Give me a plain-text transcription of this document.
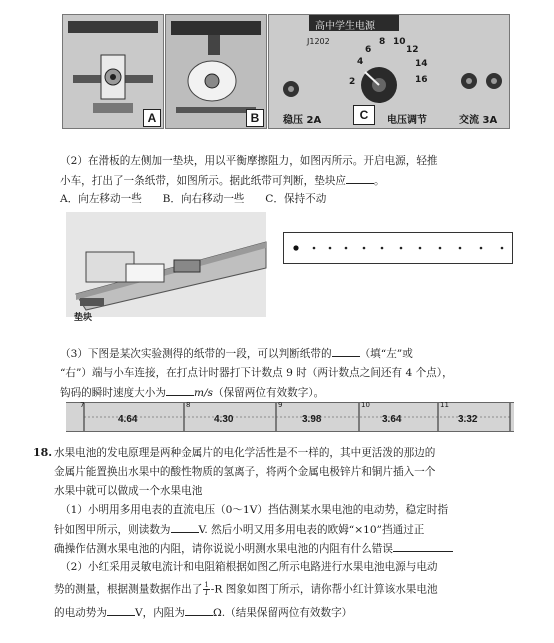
A	B
高中学生电源
J1202
4
6
8 10
12
14
16
2
稳压 2A	电压调节	交流 3A
C
（2）在滑板的左侧加一垫块，用以平衡摩擦阻力，如图丙所示。开启电源，轻推
小车，打出了一条纸带，如图所示。据此纸带可判断，垫块应	。
A．向左移动一些 B．向右移动一些 C．保持不动
垫块
（3）下图是某次实验测得的纸带的一段，可以判断纸带的	（填“左”或
“右”）端与小车连接，在打点计时器打下计数点 9 时（两计数点之间还有 4 个点），
钩码的瞬时速度大小为	m/s（保留两位有效数字）。
7	8	9	10	11
4.64	4.30	3.98	3.64	3.32
18. 水果电池的发电原理是两种金属片的电化学活性是不一样的，其中更活泼的那边的
金属片能置换出水果中的酸性物质的氢离子，将两个金属电极锌片和铜片插入一个
水果中就可以做成一个水果电池
（1）小明用多用电表的直流电压（0～1V）挡估测某水果电池的电动势，稳定时指
针如图甲所示，则读数为	V. 然后小明又用多用电表的欧姆“×10”挡通过正
确操作估测水果电池的内阻，请你说说小明测水果电池的内阻有什么错误
（2）小红采用灵敏电流计和电阻箱根据如图乙所示电路进行水果电池电源与电动
势的测量，根据测量数据作出了 $\frac{1}{I} -R$ 图象如图丁所示，请你帮小红计算该水果电池
的电动势为	V，内阻为	Ω.（结果保留两位有效数字）
